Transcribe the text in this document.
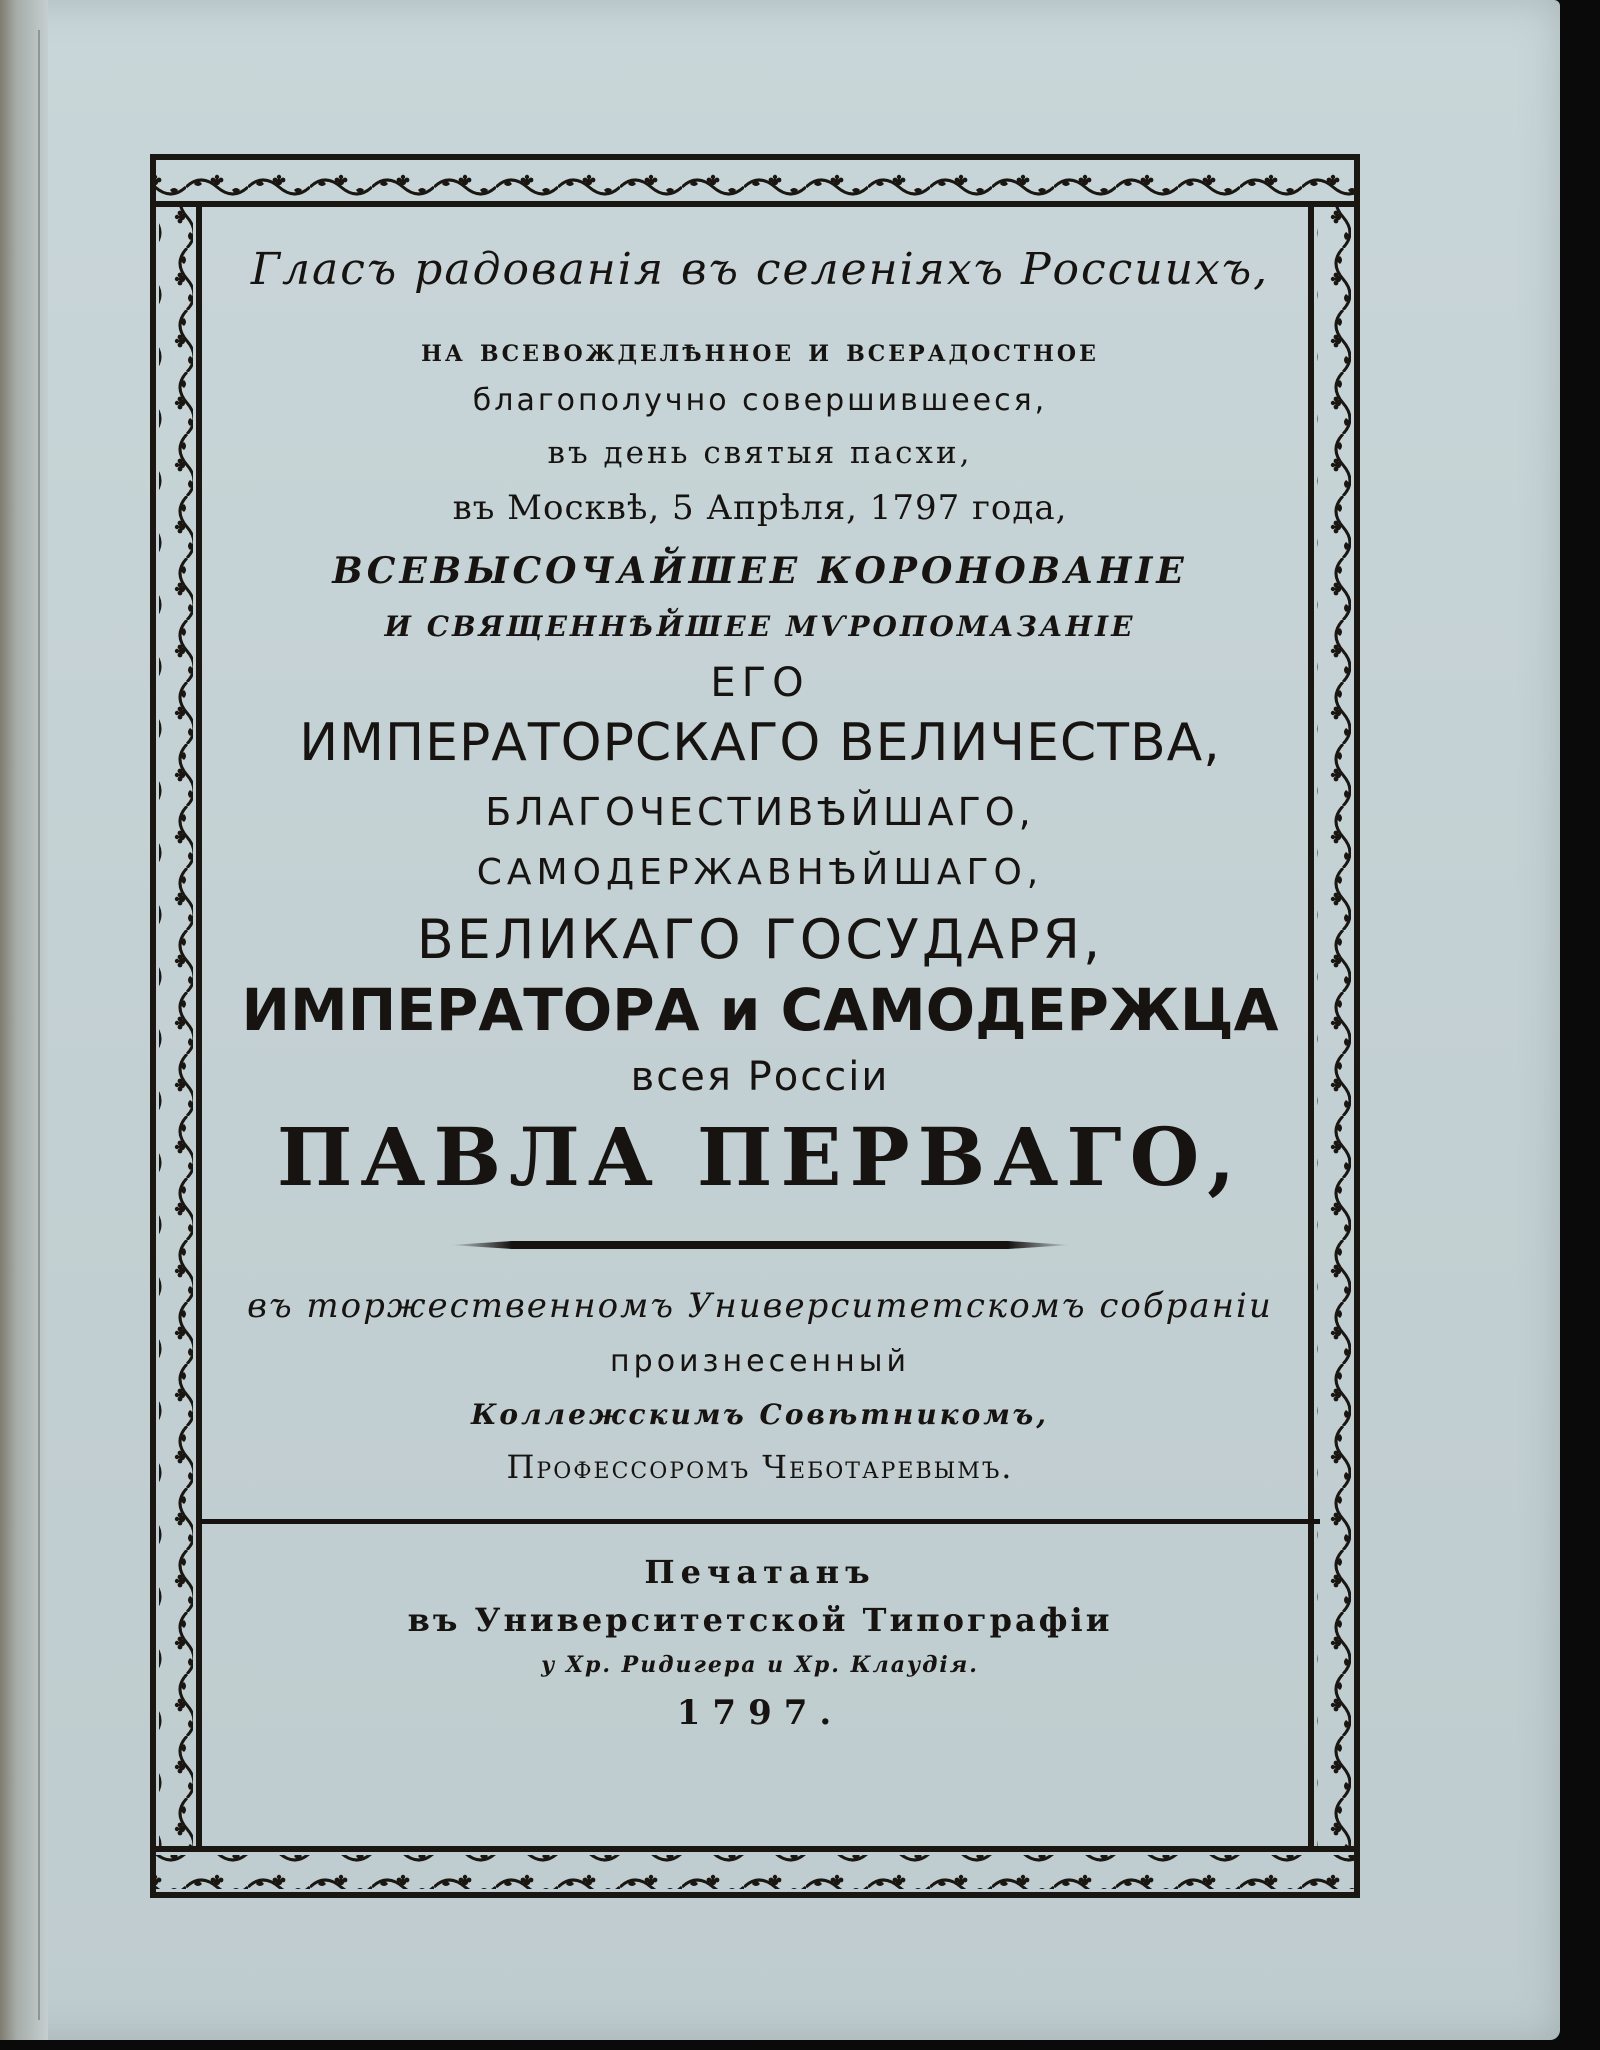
Гласъ радованія въ селеніяхъ Россиихъ,
на всевожделѣнное и всерадостное
благополучно совершившееся,
въ день святыя пасхи,
въ Москвѣ, 5 Апрѣля, 1797 года,
ВСЕВЫСОЧАЙШЕЕ КОРОНОВАНІЕ
И СВЯЩЕННѢЙШЕЕ МѴРОПОМАЗАНІЕ
ЕГО
ИМПЕРАТОРСКАГО ВЕЛИЧЕСТВА,
БЛАГОЧЕСТИВѢЙШАГО,
САМОДЕРЖАВНѢЙШАГО,
ВЕЛИКАГО ГОСУДАРЯ,
ИМПЕРАТОРА и САМОДЕРЖЦА
всея Россіи
ПАВЛА ПЕРВАГО,
въ торжественномъ Университетскомъ собраніи
произнесенный
Коллежскимъ Совѣтникомъ,
Профессоромъ Чеботаревымъ.
Печатанъ
въ Университетской Типографіи
у Хр. Ридигера и Хр. Клаудія.
1797.
